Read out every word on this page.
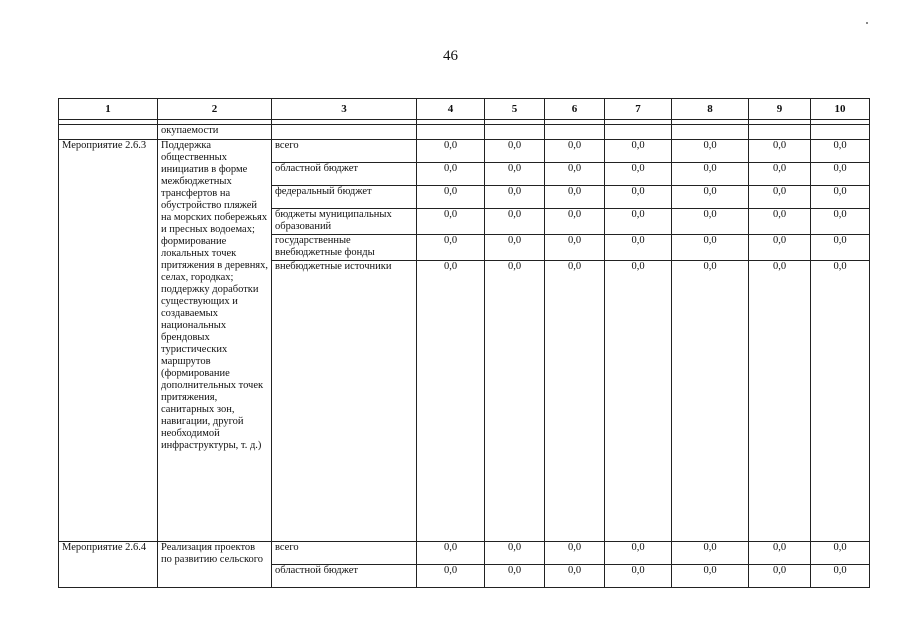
46
1	2	3	4	5	6	7	8	9	10

	окупаемости								
Мероприятие 2.6.3	Поддержка общественных инициатив в форме межбюджетных трансфертов на обустройство пляжей на морских побережьях и пресных водоемах; формирование локальных точек притяжения в деревнях, селах, городках; поддержку доработки существующих и создаваемых национальных брендовых туристических маршрутов (формирование дополнительных точек притяжения, санитарных зон, навигации, другой необходимой инфраструктуры, т. д.)	всего	0,0	0,0	0,0	0,0	0,0	0,0	0,0
		областной бюджет	0,0	0,0	0,0	0,0	0,0	0,0	0,0
		федеральный бюджет	0,0	0,0	0,0	0,0	0,0	0,0	0,0
		бюджеты муниципальных образований	0,0	0,0	0,0	0,0	0,0	0,0	0,0
		государственные внебюджетные фонды	0,0	0,0	0,0	0,0	0,0	0,0	0,0
		внебюджетные источники	0,0	0,0	0,0	0,0	0,0	0,0	0,0
Мероприятие 2.6.4	Реализация проектов по развитию сельского	всего	0,0	0,0	0,0	0,0	0,0	0,0	0,0
		областной бюджет	0,0	0,0	0,0	0,0	0,0	0,0	0,0
